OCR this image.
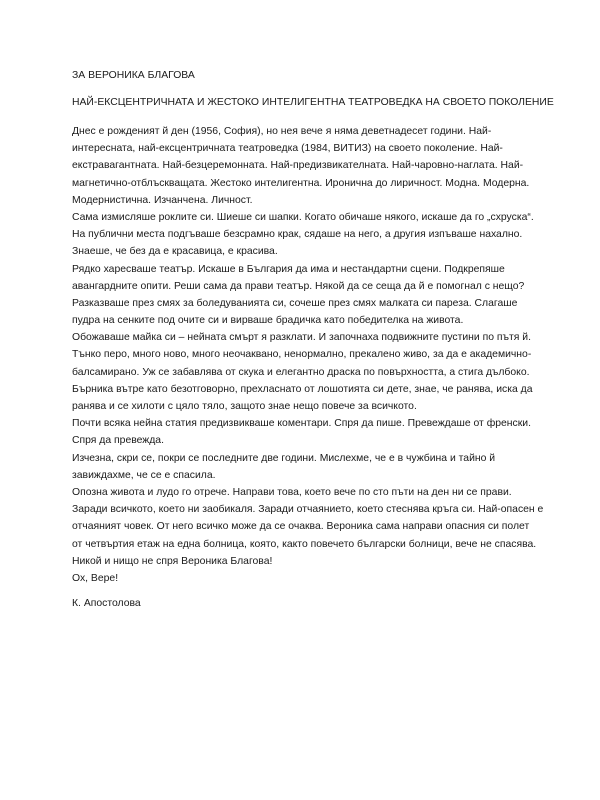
ЗА ВЕРОНИКА БЛАГОВА

НАЙ-ЕКСЦЕНТРИЧНАТА И ЖЕСТОКО ИНТЕЛИГЕНТНА ТЕАТРОВЕДКА НА СВОЕТО ПОКОЛЕНИЕ

Днес е рожденият й ден (1956, София), но нея вече я няма деветнадесет години. Най-
интересната, най-ексцентричната театроведка (1984, ВИТИЗ) на своето поколение. Най-
екстравагантната. Най-безцеремонната. Най-предизвикателната. Най-чаровно-наглата. Най-
магнетично-отблъскващата. Жестоко интелигентна. Иронична до лиричност. Модна. Модерна.
Модернистична. Изчанчена. Личност.
Сама измисляше роклите си. Шиеше си шапки. Когато обичаше някого, искаше да го „схруска“.
На публични места подгъваше безсрамно крак, сядаше на него, а другия изпъваше нахално.
Знаеше, че без да е красавица, е красива.
Рядко харесваше театър. Искаше в България да има и нестандартни сцени. Подкрепяше
авангардните опити. Реши сама да прави театър. Някой да се сеща да й е помогнал с нещо?
Разказваше през смях за боледуванията си, сочеше през смях малката си пареза. Слагаше
пудра на сенките под очите си и вирваше брадичка като победителка на живота.
Обожаваше майка си – нейната смърт я разклати. И започнаха подвижните пустини по пътя й.
Тънко перо, много ново, много неочаквано, ненормално, прекалено живо, за да е академично-
балсамирано. Уж се забавлява от скука и елегантно драска по повърхността, а стига дълбоко.
Бърника вътре като безотговорно, прехласнато от лошотията си дете, знае, че ранява, иска да
ранява и се хилоти с цяло тяло, защото знае нещо повече за всичкото.
Почти всяка нейна статия предизвикваше коментари. Спря да пише. Превеждаше от френски.
Спря да превежда.
Изчезна, скри се, покри се последните две години. Мислехме, че е в чужбина и тайно й
завиждахме, че се е спасила.
Опозна живота и лудо го отрече. Направи това, което вече по сто пъти на ден ни се прави.
Заради всичкото, което ни заобикаля. Заради отчаянието, което стеснява кръга си. Най-опасен е
отчаяният човек. От него всичко може да се очаква. Вероника сама направи опасния си полет
от четвъртия етаж на една болница, която, както повечето български болници, вече не спасява.
Никой и нищо не спря Вероника Благова!
Ох, Вере!
К. Апостолова
